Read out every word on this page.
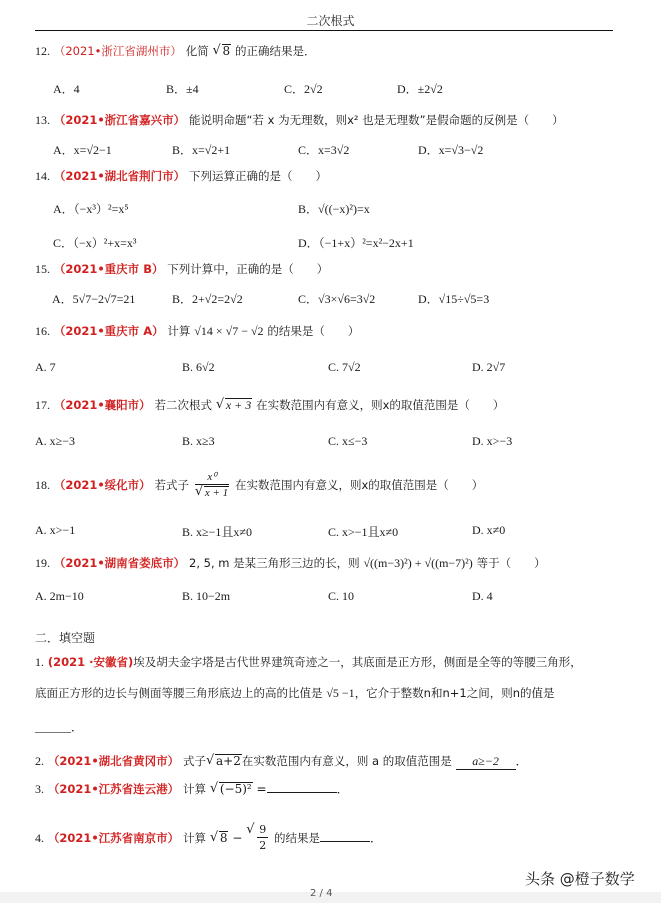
二次根式
12. （2021•浙江省湖州市） 化简 √ 8 的正确结果是．
A．4	B．±4	C．2√2	D．±2√2
13. （2021•浙江省嘉兴市） 能说明命题“若 x 为无理数，则x² 也是无理数”是假命题的反例是（　　）
A．x=√2−1	B．x=√2+1	C．x=3√2	D．x=√3−√2
14. （2021•湖北省荆门市） 下列运算正确的是（　　）
A．（−x³）²=x⁵	B．√((−x)²)=x
C．（−x）²+x=x³	D．（−1+x）²=x²−2x+1
15. （2021•重庆市 B） 下列计算中，正确的是（　　）
A．5√7−2√7=21	B．2+√2=2√2	C．√3×√6=3√2	D．√15÷√5=3
16. （2021•重庆市 A） 计算 √14 × √7 − √2 的结果是（　　）
A. 7	B. 6√2	C. 7√2	D. 2√7
17. （2021•襄阳市） 若二次根式 √ x + 3 在实数范围内有意义，则x的取值范围是（　　）
A. x≥−3	B. x≥3	C. x≤−3	D. x>−3
18. （2021•绥化市） 若式子 x⁰
√ x + 1 在实数范围内有意义，则x的取值范围是（　　）
A. x>−1	B. x≥−1且x≠0	C. x>−1且x≠0	D. x≠0
19. （2021•湖南省娄底市） 2, 5, m 是某三角形三边的长，则 √((m−3)²) + √((m−7)²) 等于（　　）
A. 2m−10	B. 10−2m	C. 10	D. 4
二．填空题
1. (2021 ·安徽省)埃及胡夫金字塔是古代世界建筑奇迹之一，其底面是正方形，侧面是全等的等腰三角形，
底面正方形的边长与侧面等腰三角形底边上的高的比值是 √5 −1，它介于整数n和n+1之间，则n的值是
______．
2. （2021•湖北省黄冈市） 式子 √ a+2在实数范围内有意义，则 a 的取值范围是 a≥−2 ．
3. （2021•江苏省连云港） 计算 √ (−5)² =	．
4. （2021•江苏省南京市） 计算 √ 8 − √ $\frac{9}{2}$ 的结果是	．
头条 @橙子数学
2 / 4
